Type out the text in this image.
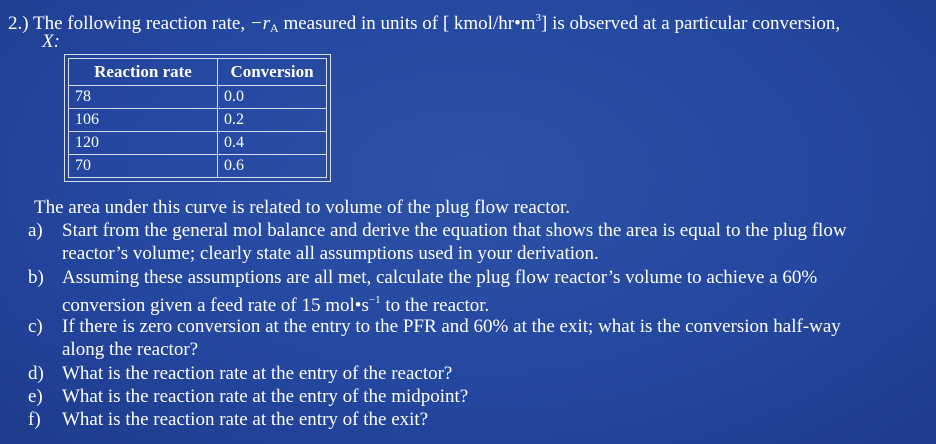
2.) The following reaction rate, $-r_A$ measured in units of [ kmol/$hr•m^3$] is observed at a particular conversion,
X:
Reaction rate	Conversion
78	0.0
106	0.2
120	0.4
70	0.6
The area under this curve is related to volume of the plug flow reactor.
a) Start from the general mol balance and derive the equation that shows the area is equal to the plug flow
reactor’s volume; clearly state all assumptions used in your derivation.
b) Assuming these assumptions are all met, calculate the plug flow reactor’s volume to achieve a 60%
conversion given a feed rate of 15 $mol•s^{-1}$ to the reactor.
c) If there is zero conversion at the entry to the PFR and 60% at the exit; what is the conversion half-way
along the reactor?
d) What is the reaction rate at the entry of the reactor?
e) What is the reaction rate at the entry of the midpoint?
f) What is the reaction rate at the entry of the exit?
